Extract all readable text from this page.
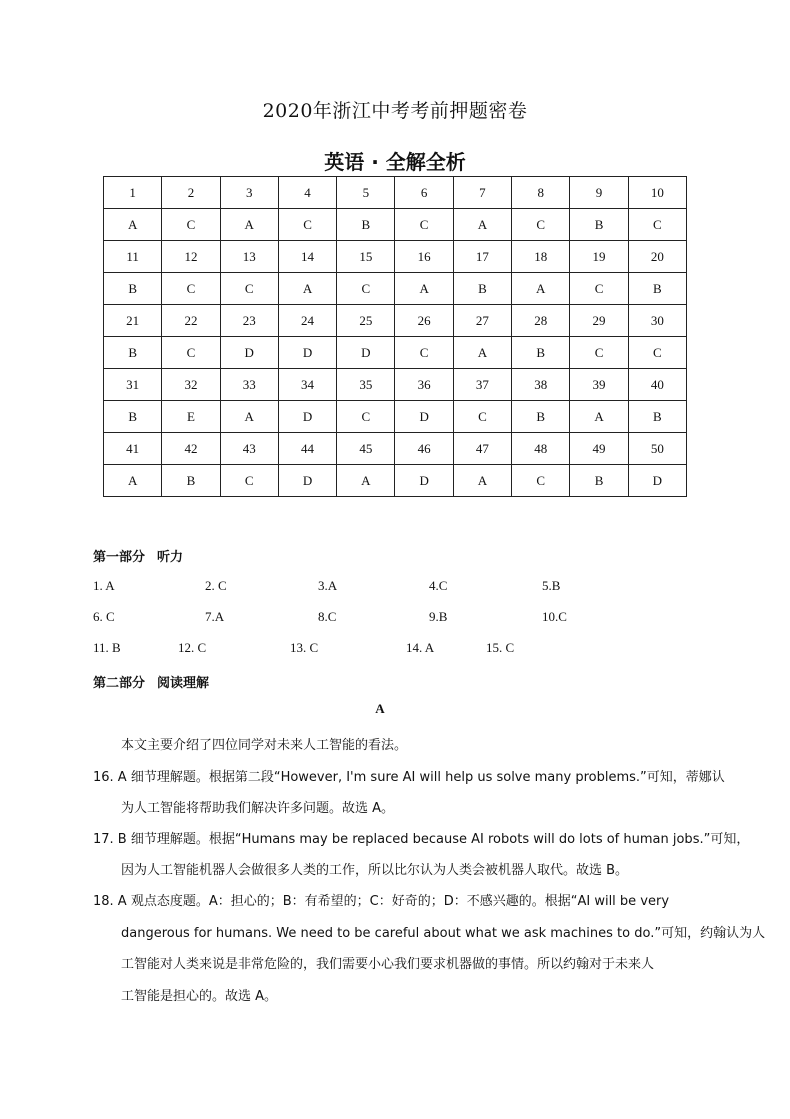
2020年浙江中考考前押题密卷
英语 · 全解全析
1	2	3	4	5	6	7	8	9	10
A	C	A	C	B	C	A	C	B	C
11	12	13	14	15	16	17	18	19	20
B	C	C	A	C	A	B	A	C	B
21	22	23	24	25	26	27	28	29	30
B	C	D	D	D	C	A	B	C	C
31	32	33	34	35	36	37	38	39	40
B	E	A	D	C	D	C	B	A	B
41	42	43	44	45	46	47	48	49	50
A	B	C	D	A	D	A	C	B	D
第一部分 听力
1. A	2. C	3.A	4.C	5.B
6. C	7.A	8.C	9.B	10.C
11. B	12. C	13. C	14. A	15. C
第二部分 阅读理解
A
本文主要介绍了四位同学对未来人工智能的看法。
16. A 细节理解题。根据第二段“However, I'm sure AI will help us solve many problems.”可知，蒂娜认
为人工智能将帮助我们解决许多问题。故选 A。
17. B 细节理解题。根据“Humans may be replaced because AI robots will do lots of human jobs.”可知，
因为人工智能机器人会做很多人类的工作，所以比尔认为人类会被机器人取代。故选 B。
18. A 观点态度题。A：担心的；B：有希望的；C：好奇的；D：不感兴趣的。根据“AI will be very
dangerous for humans. We need to be careful about what we ask machines to do.”可知，约翰认为人
工智能对人类来说是非常危险的，我们需要小心我们要求机器做的事情。所以约翰对于未来人
工智能是担心的。故选 A。
